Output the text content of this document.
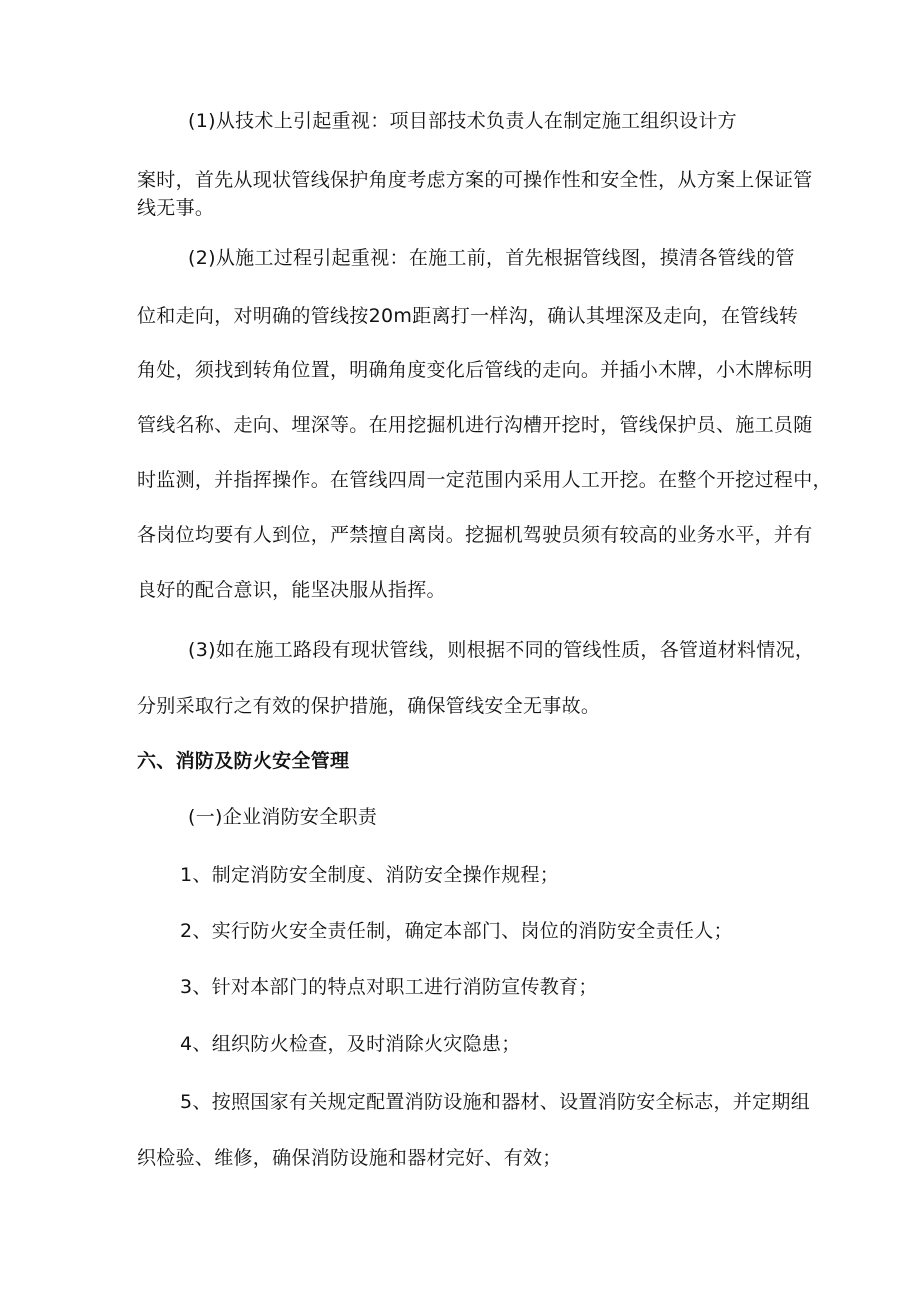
(1)从技术上引起重视：项目部技术负责人在制定施工组织设计方
案时，首先从现状管线保护角度考虑方案的可操作性和安全性，从方案上保证管
线无事。
(2)从施工过程引起重视：在施工前，首先根据管线图，摸清各管线的管
位和走向，对明确的管线按20m距离打一样沟，确认其埋深及走向，在管线转
角处，须找到转角位置，明确角度变化后管线的走向。并插小木牌，小木牌标明
管线名称、走向、埋深等。在用挖掘机进行沟槽开挖时，管线保护员、施工员随
时监测，并指挥操作。在管线四周一定范围内采用人工开挖。在整个开挖过程中，
各岗位均要有人到位，严禁擅自离岗。挖掘机驾驶员须有较高的业务水平，并有
良好的配合意识，能坚决服从指挥。
(3)如在施工路段有现状管线，则根据不同的管线性质，各管道材料情况，
分别采取行之有效的保护措施，确保管线安全无事故。
六、消防及防火安全管理
(一)企业消防安全职责
1、制定消防安全制度、消防安全操作规程；
2、实行防火安全责任制，确定本部门、岗位的消防安全责任人；
3、针对本部门的特点对职工进行消防宣传教育；
4、组织防火检查，及时消除火灾隐患；
5、按照国家有关规定配置消防设施和器材、设置消防安全标志，并定期组
织检验、维修，确保消防设施和器材完好、有效；
